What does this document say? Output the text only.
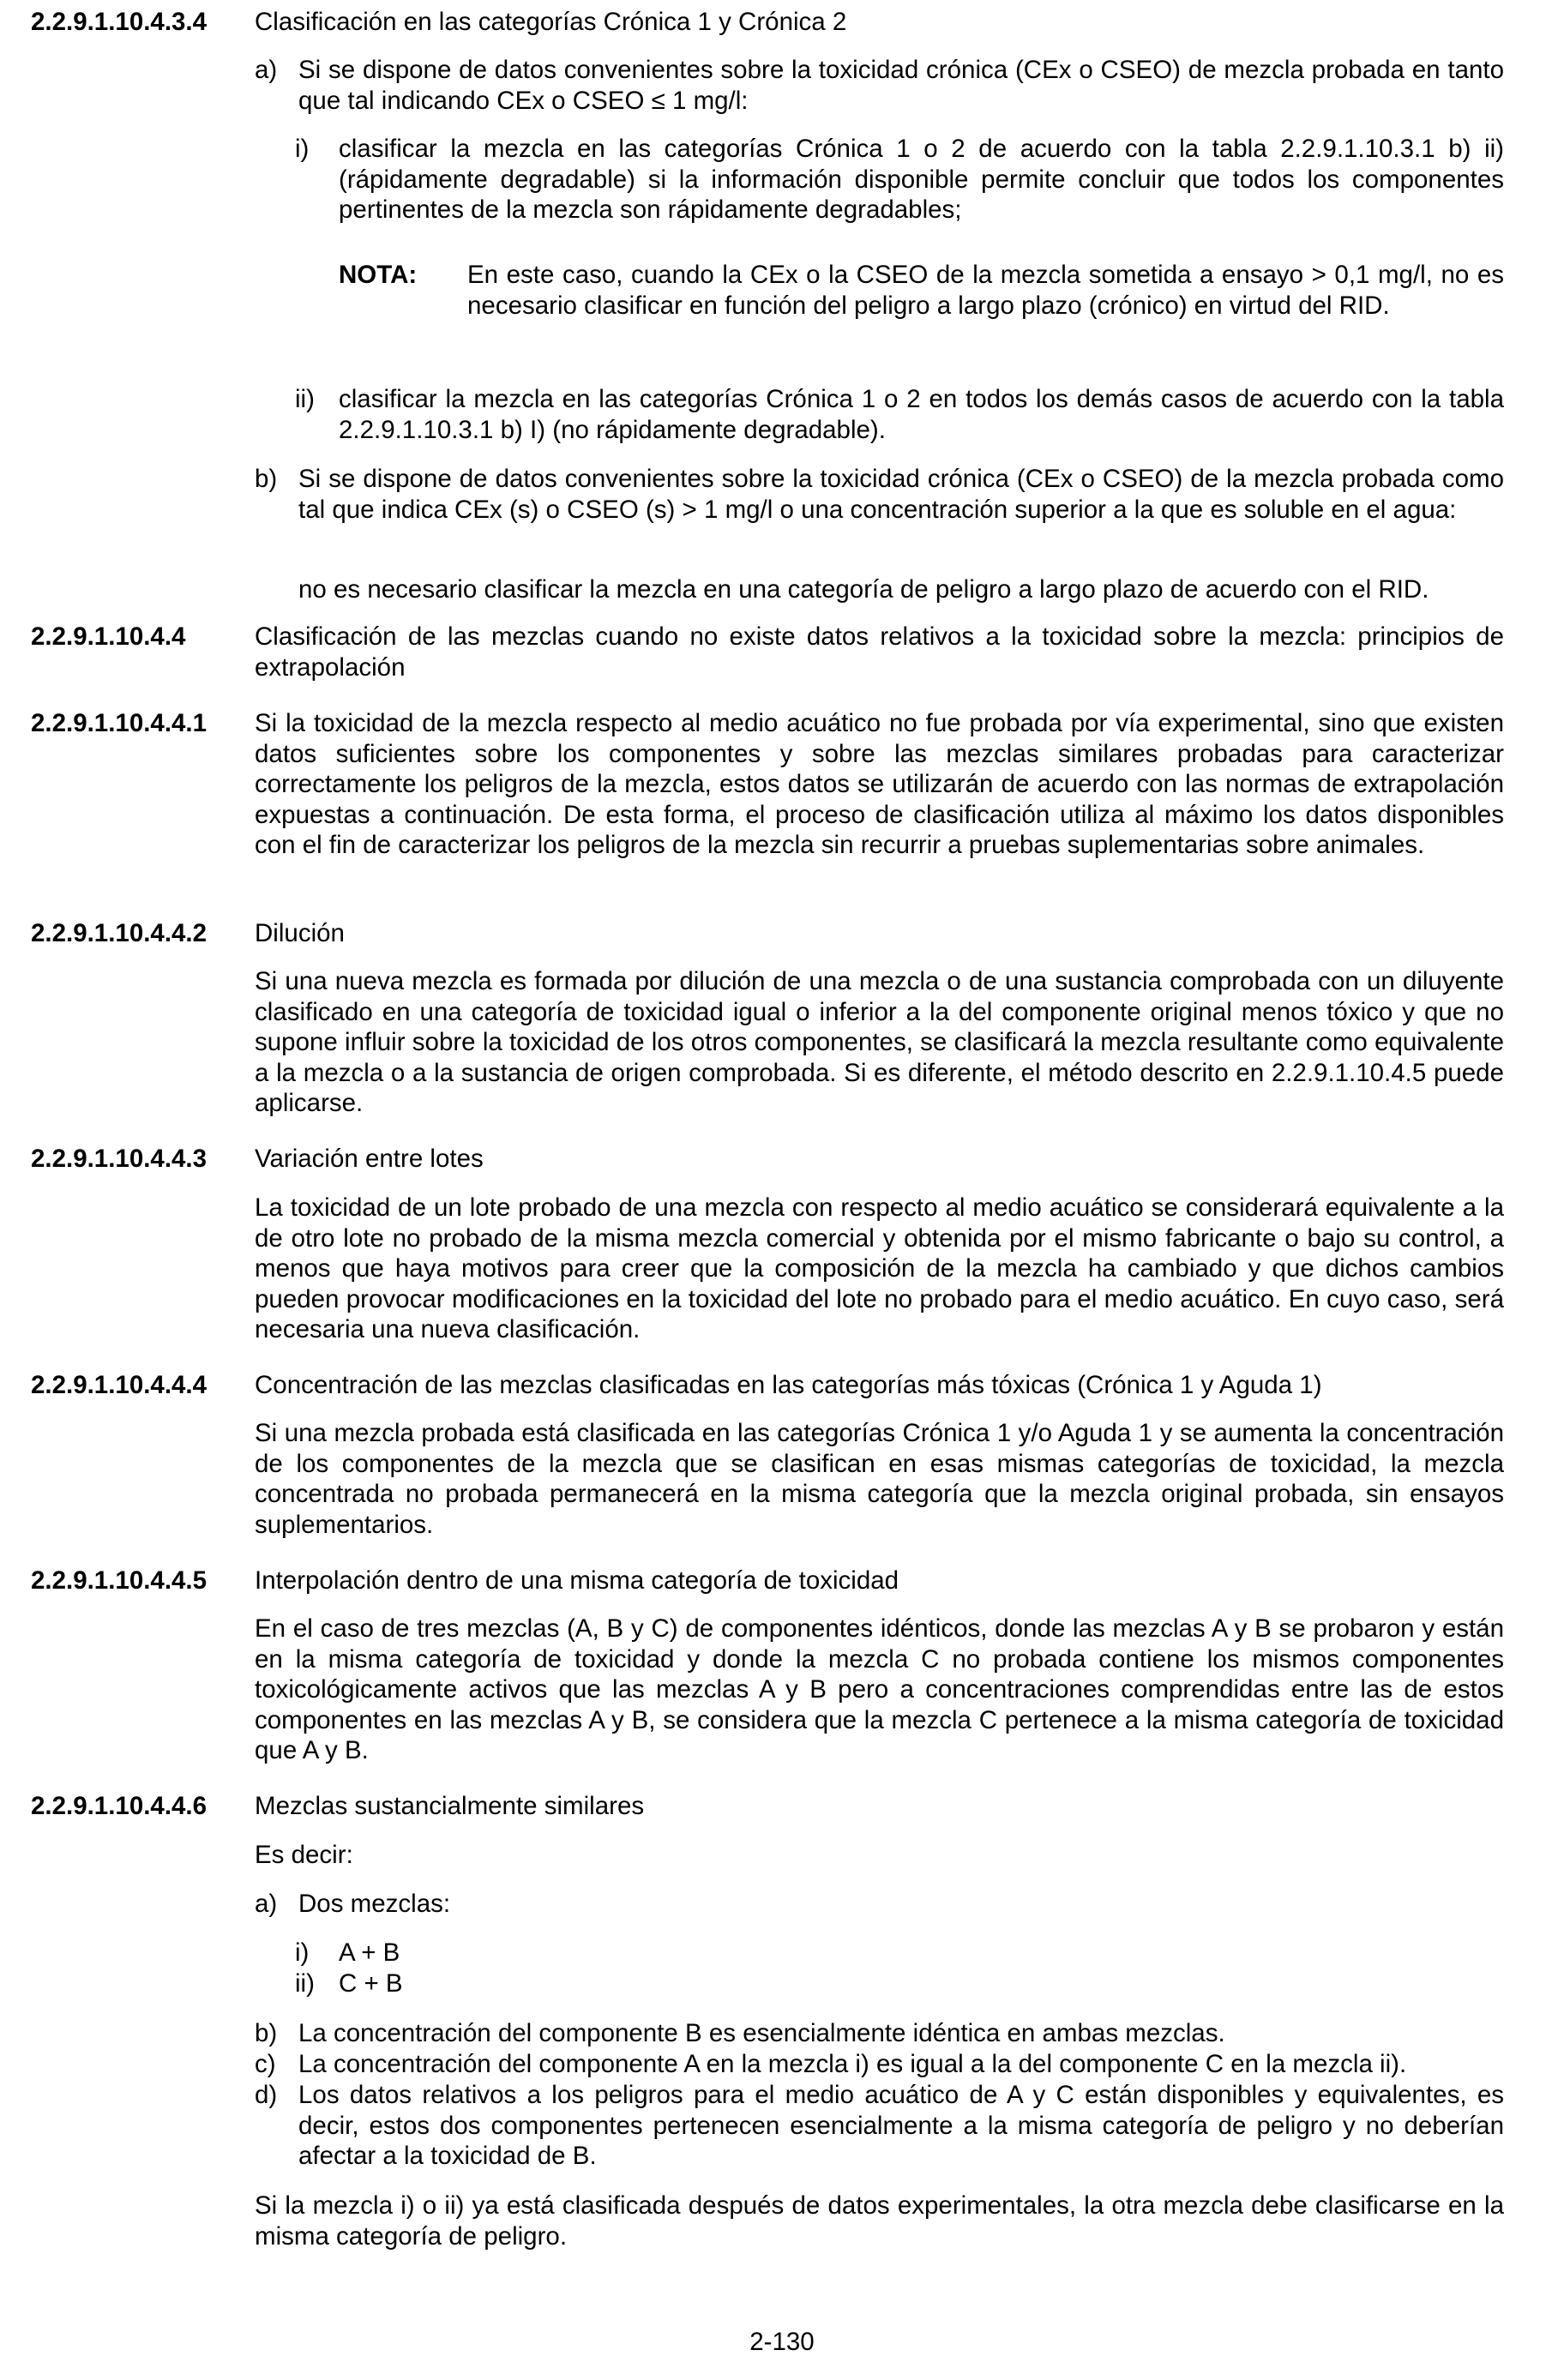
2.2.9.1.10.4.3.4 Clasificación en las categorías Crónica 1 y Crónica 2
a) Si se dispone de datos convenientes sobre la toxicidad crónica (CEx o CSEO) de mezcla probada en tanto que tal indicando CEx o CSEO ≤ 1 mg/l:
i) clasificar la mezcla en las categorías Crónica 1 o 2 de acuerdo con la tabla 2.2.9.1.10.3.1 b) ii) (rápidamente degradable) si la información disponible permite concluir que todos los componentes pertinentes de la mezcla son rápidamente degradables;
NOTA: En este caso, cuando la CEx o la CSEO de la mezcla sometida a ensayo > 0,1 mg/l, no es necesario clasificar en función del peligro a largo plazo (crónico) en virtud del RID.
ii) clasificar la mezcla en las categorías Crónica 1 o 2 en todos los demás casos de acuerdo con la tabla 2.2.9.1.10.3.1 b) I) (no rápidamente degradable).
b) Si se dispone de datos convenientes sobre la toxicidad crónica (CEx o CSEO) de la mezcla probada como tal que indica CEx (s) o CSEO (s) > 1 mg/l o una concentración superior a la que es soluble en el agua:
no es necesario clasificar la mezcla en una categoría de peligro a largo plazo de acuerdo con el RID.
2.2.9.1.10.4.4	Clasificación de las mezclas cuando no existe datos relativos a la toxicidad sobre la mezcla: principios de extrapolación
2.2.9.1.10.4.4.1 Si la toxicidad de la mezcla respecto al medio acuático no fue probada por vía experimental, sino que existen datos suficientes sobre los componentes y sobre las mezclas similares probadas para caracterizar correctamente los peligros de la mezcla, estos datos se utilizarán de acuerdo con las normas de extrapolación expuestas a continuación. De esta forma, el proceso de clasificación utiliza al máximo los datos disponibles con el fin de caracterizar los peligros de la mezcla sin recurrir a pruebas suplementarias sobre animales.
2.2.9.1.10.4.4.2 Dilución
Si una nueva mezcla es formada por dilución de una mezcla o de una sustancia comprobada con un diluyente clasificado en una categoría de toxicidad igual o inferior a la del componente original menos tóxico y que no supone influir sobre la toxicidad de los otros componentes, se clasificará la mezcla resultante como equivalente a la mezcla o a la sustancia de origen comprobada. Si es diferente, el método descrito en 2.2.9.1.10.4.5 puede aplicarse.
2.2.9.1.10.4.4.3 Variación entre lotes
La toxicidad de un lote probado de una mezcla con respecto al medio acuático se considerará equivalente a la de otro lote no probado de la misma mezcla comercial y obtenida por el mismo fabricante o bajo su control, a menos que haya motivos para creer que la composición de la mezcla ha cambiado y que dichos cambios pueden provocar modificaciones en la toxicidad del lote no probado para el medio acuático. En cuyo caso, será necesaria una nueva clasificación.
2.2.9.1.10.4.4.4 Concentración de las mezclas clasificadas en las categorías más tóxicas (Crónica 1 y Aguda 1)
Si una mezcla probada está clasificada en las categorías Crónica 1 y/o Aguda 1 y se aumenta la concentración de los componentes de la mezcla que se clasifican en esas mismas categorías de toxicidad, la mezcla concentrada no probada permanecerá en la misma categoría que la mezcla original probada, sin ensayos suplementarios.
2.2.9.1.10.4.4.5 Interpolación dentro de una misma categoría de toxicidad
En el caso de tres mezclas (A, B y C) de componentes idénticos, donde las mezclas A y B se probaron y están en la misma categoría de toxicidad y donde la mezcla C no probada contiene los mismos componentes toxicológicamente activos que las mezclas A y B pero a concentraciones comprendidas entre las de estos componentes en las mezclas A y B, se considera que la mezcla C pertenece a la misma categoría de toxicidad que A y B.
2.2.9.1.10.4.4.6 Mezclas sustancialmente similares
Es decir:
a) Dos mezclas:
i) A + B
ii) C + B
b) La concentración del componente B es esencialmente idéntica en ambas mezclas.
c) La concentración del componente A en la mezcla i) es igual a la del componente C en la mezcla ii).
d) Los datos relativos a los peligros para el medio acuático de A y C están disponibles y equivalentes, es decir, estos dos componentes pertenecen esencialmente a la misma categoría de peligro y no deberían afectar a la toxicidad de B.
Si la mezcla i) o ii) ya está clasificada después de datos experimentales, la otra mezcla debe clasificarse en la misma categoría de peligro.
2-130
